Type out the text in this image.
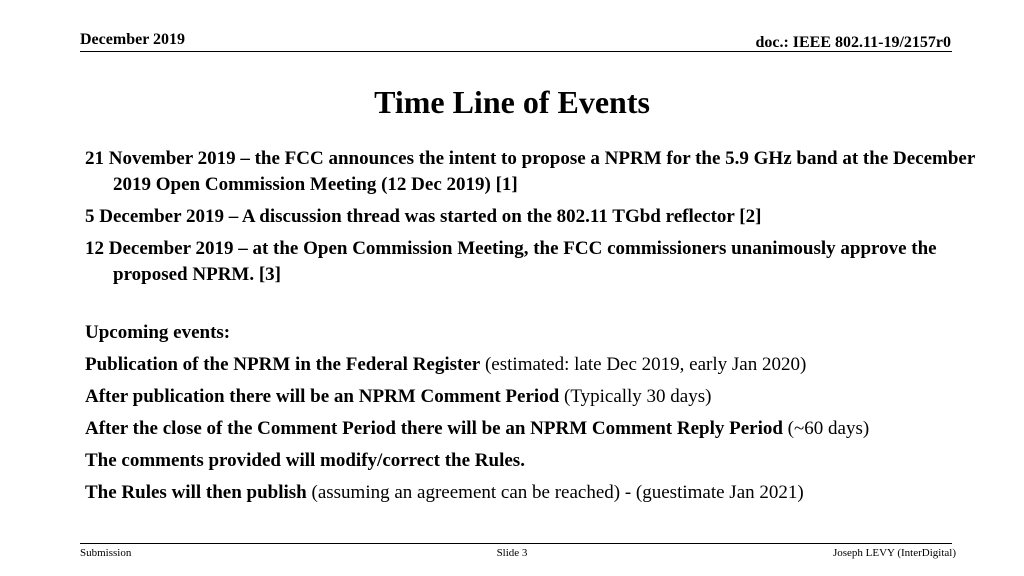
December 2019	doc.: IEEE 802.11-19/2157r0
Time Line of Events
21 November 2019 – the FCC announces the intent to propose a NPRM for the 5.9 GHz band at the December 2019 Open Commission Meeting (12 Dec 2019) [1]
5 December 2019 – A discussion thread was started on the 802.11 TGbd reflector [2]
12 December 2019 – at the Open Commission Meeting, the FCC commissioners unanimously approve the proposed NPRM. [3]
Upcoming events:
Publication of the NPRM in the Federal Register (estimated: late Dec 2019, early Jan 2020)
After publication there will be an NPRM Comment Period (Typically 30 days)
After the close of the Comment Period there will be an NPRM Comment Reply Period (~60 days)
The comments provided will modify/correct the Rules.
The Rules will then publish (assuming an agreement can be reached) - (guestimate Jan 2021)
Submission	Slide 3	Joseph LEVY (InterDigital)
